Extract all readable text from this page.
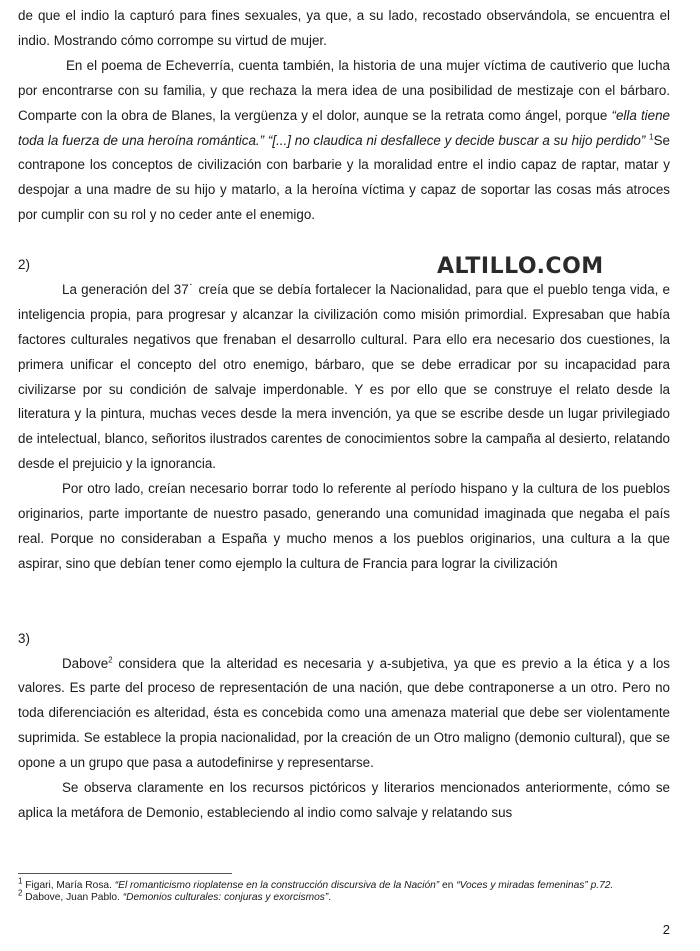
de que el indio la capturó para fines sexuales, ya que, a su lado, recostado observándola, se encuentra el indio. Mostrando cómo corrompe su virtud de mujer.

En el poema de Echeverría, cuenta también, la historia de una mujer víctima de cautiverio que lucha por encontrarse con su familia, y que rechaza la mera idea de una posibilidad de mestizaje con el bárbaro. Comparte con la obra de Blanes, la vergüenza y el dolor, aunque se la retrata como ángel, porque “ella tiene toda la fuerza de una heroína romántica.” “[...] no claudica ni desfallece y decide buscar a su hijo perdido” $^1$Se contrapone los conceptos de civilización con barbarie y la moralidad entre el indio capaz de raptar, matar y despojar a una madre de su hijo y matarlo, a la heroína víctima y capaz de soportar las cosas más atroces por cumplir con su rol y no ceder ante el enemigo.

2)

La generación del 37˙ creía que se debía fortalecer la Nacionalidad, para que el pueblo tenga vida, e inteligencia propia, para progresar y alcanzar la civilización como misión primordial. Expresaban que había factores culturales negativos que frenaban el desarrollo cultural. Para ello era necesario dos cuestiones, la primera unificar el concepto del otro enemigo, bárbaro, que se debe erradicar por su incapacidad para civilizarse por su condición de salvaje imperdonable. Y es por ello que se construye el relato desde la literatura y la pintura, muchas veces desde la mera invención, ya que se escribe desde un lugar privilegiado de intelectual, blanco, señoritos ilustrados carentes de conocimientos sobre la campaña al desierto, relatando desde el prejuicio y la ignorancia.

Por otro lado, creían necesario borrar todo lo referente al período hispano y la cultura de los pueblos originarios, parte importante de nuestro pasado, generando una comunidad imaginada que negaba el país real. Porque no consideraban a España y mucho menos a los pueblos originarios, una cultura a la que aspirar, sino que debían tener como ejemplo la cultura de Francia para lograr la civilización

3)

Dabove$^2$ considera que la alteridad es necesaria y a-subjetiva, ya que es previo a la ética y a los valores. Es parte del proceso de representación de una nación, que debe contraponerse a un otro. Pero no toda diferenciación es alteridad, ésta es concebida como una amenaza material que debe ser violentamente suprimida. Se establece la propia nacionalidad, por la creación de un Otro maligno (demonio cultural), que se opone a un grupo que pasa a autodefinirse y representarse.

Se observa claramente en los recursos pictóricos y literarios mencionados anteriormente, cómo se aplica la metáfora de Demonio, estableciendo al indio como salvaje y relatando sus

ALTILLO.COM

$^1$ Figari, María Rosa. “El romanticismo rioplatense en la construcción discursiva de la Nación” en “Voces y miradas femeninas” p.72.

$^2$ Dabove, Juan Pablo. “Demonios culturales: conjuras y exorcismos”.

2
